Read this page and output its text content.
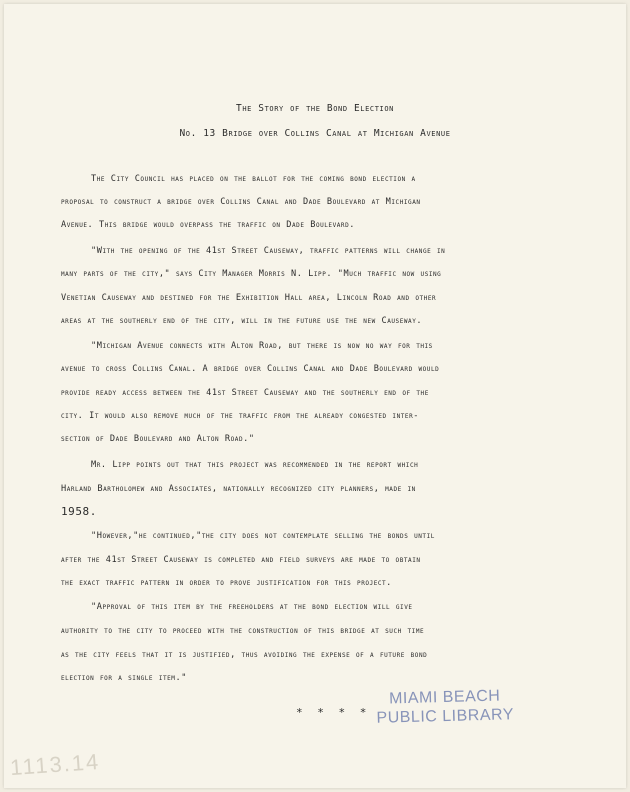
The Story of the Bond Election
No. 13 Bridge over Collins Canal at Michigan Avenue
The City Council has placed on the ballot for the coming bond election a
proposal to construct a bridge over Collins Canal and Dade Boulevard at Michigan
Avenue. This bridge would overpass the traffic on Dade Boulevard.
"With the opening of the 41st Street Causeway, traffic patterns will change in
many parts of the city," says City Manager Morris N. Lipp. "Much traffic now using
Venetian Causeway and destined for the Exhibition Hall area, Lincoln Road and other
areas at the southerly end of the city, will in the future use the new Causeway.
"Michigan Avenue connects with Alton Road, but there is now no way for this
avenue to cross Collins Canal. A bridge over Collins Canal and Dade Boulevard would
provide ready access between the 41st Street Causeway and the southerly end of the
city. It would also remove much of the traffic from the already congested inter-
section of Dade Boulevard and Alton Road."
Mr. Lipp points out that this project was recommended in the report which
Harland Bartholomew and Associates, nationally recognized city planners, made in
1958.
"However,"he continued,"the city does not contemplate selling the bonds until
after the 41st Street Causeway is completed and field surveys are made to obtain
the exact traffic pattern in order to prove justification for this project.
"Approval of this item by the freeholders at the bond election will give
authority to the city to proceed with the construction of this bridge at such time
as the city feels that it is justified, thus avoiding the expense of a future bond
election for a single item."
* * * *
MIAMI BEACH
PUBLIC LIBRARY
1113.14
